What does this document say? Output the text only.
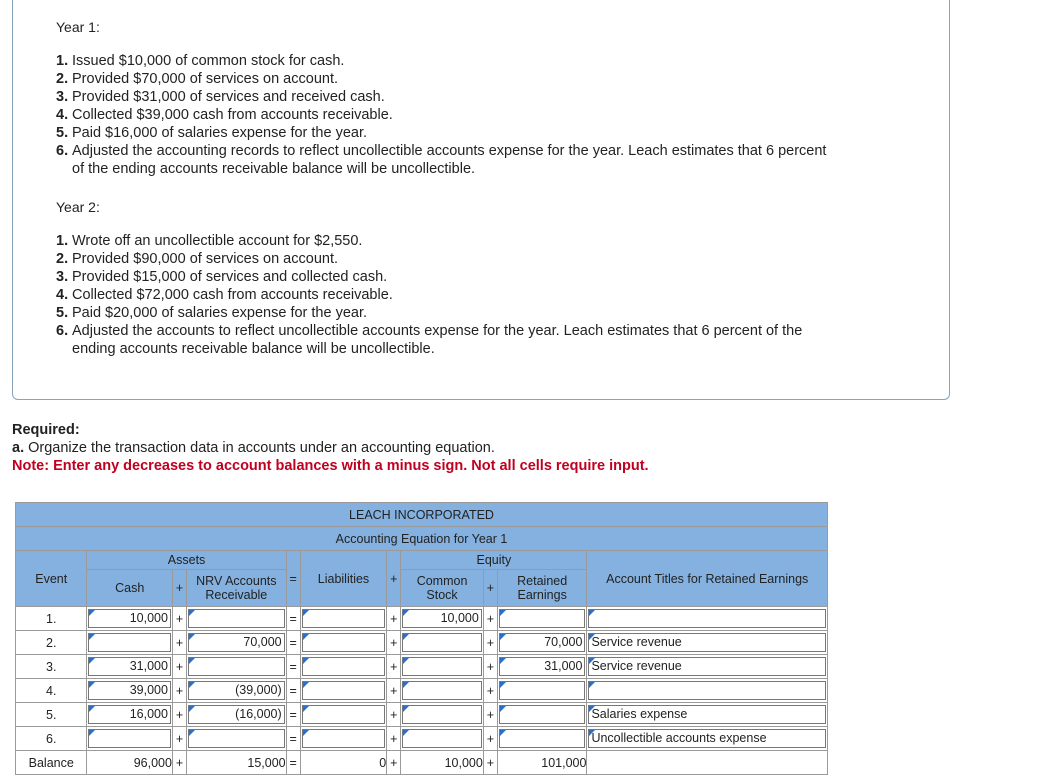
Year 1:
1. Issued $10,000 of common stock for cash.
2. Provided $70,000 of services on account.
3. Provided $31,000 of services and received cash.
4. Collected $39,000 cash from accounts receivable.
5. Paid $16,000 of salaries expense for the year.
6. Adjusted the accounting records to reflect uncollectible accounts expense for the year. Leach estimates that 6 percent
of the ending accounts receivable balance will be uncollectible.
Year 2:
1. Wrote off an uncollectible account for $2,550.
2. Provided $90,000 of services on account.
3. Provided $15,000 of services and collected cash.
4. Collected $72,000 cash from accounts receivable.
5. Paid $20,000 of salaries expense for the year.
6. Adjusted the accounts to reflect uncollectible accounts expense for the year. Leach estimates that 6 percent of the
ending accounts receivable balance will be uncollectible.
Required:
a. Organize the transaction data in accounts under an accounting equation.
Note: Enter any decreases to account balances with a minus sign. Not all cells require input.
LEACH INCORPORATED										
Accounting Equation for Year 1										
Event	Assets			=	Liabilities	+	Equity			Account Titles for Retained Earnings
	Cash	+	NRV Accounts Receivable				Common Stock	+	Retained Earnings	
1.	10,000	+		=		+	10,000	+	

2.		+	70,000	=		+		+	70,000	Service revenue

3.	31,000	+		=		+		+	31,000	Service revenue

4.	39,000	+	(39,000)	=		+		+	

5.	16,000	+	(16,000)	=		+		+		Salaries expense

6.		+		=		+		+		Uncollectible accounts expense

Balance	96,000	+	15,000	=	0	+	10,000	+	101,000	
